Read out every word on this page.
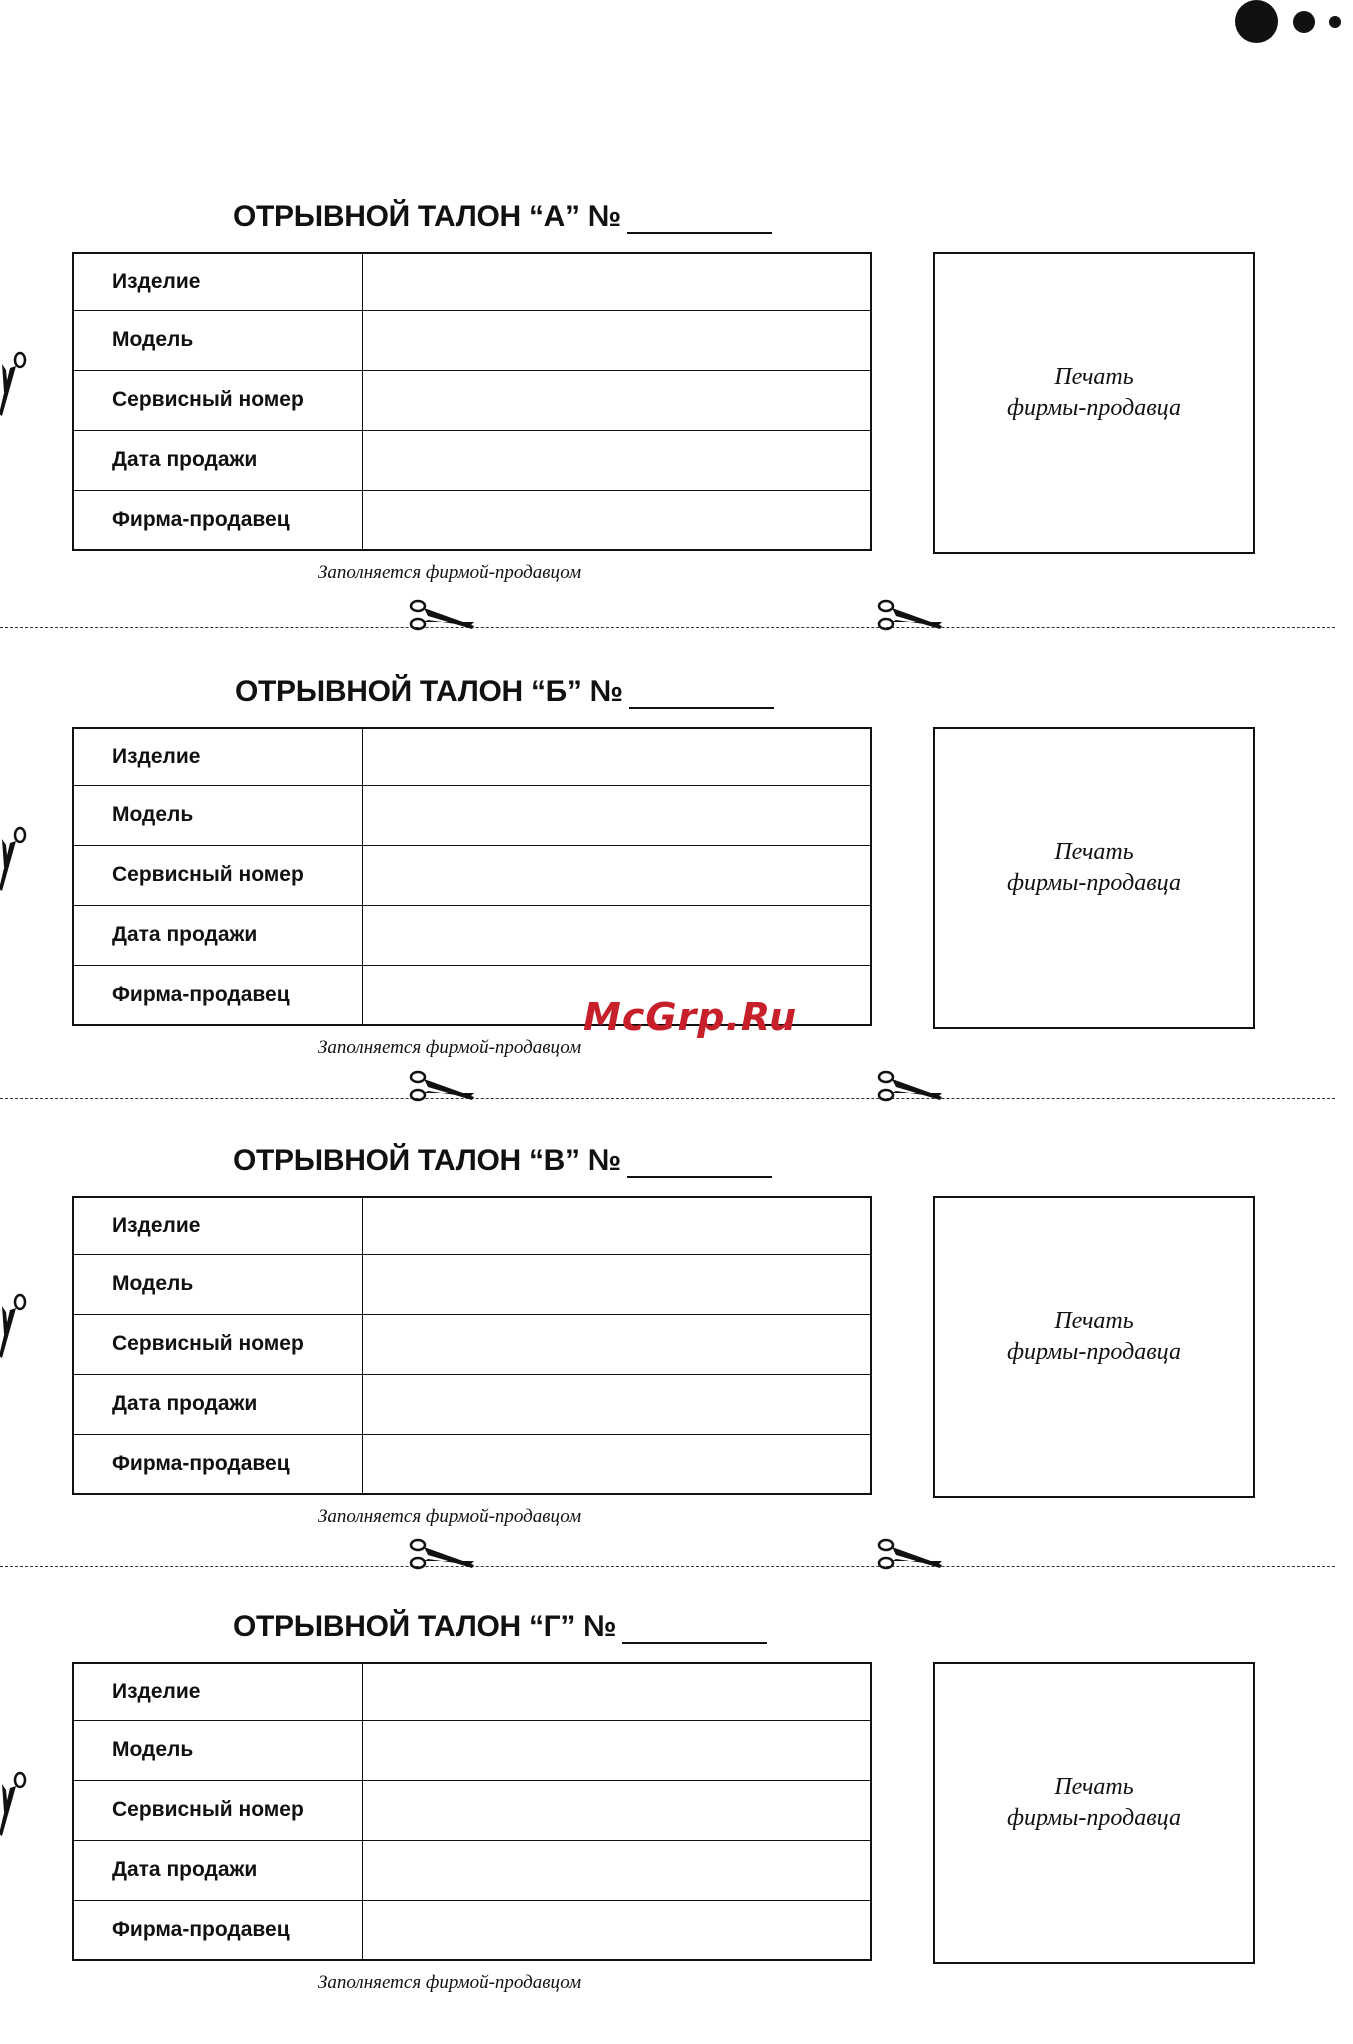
ОТРЫВНОЙ ТАЛОН “А” №
Изделие	
Модель	
Сервисный номер	
Дата продажи	
Фирма-продавец	
Печать
фирмы-продавца
Заполняется фирмой-продавцом
ОТРЫВНОЙ ТАЛОН “Б” №
Изделие	
Модель	
Сервисный номер	
Дата продажи	
Фирма-продавец	
Печать
фирмы-продавца
Заполняется фирмой-продавцом
ОТРЫВНОЙ ТАЛОН “В” №
Изделие	
Модель	
Сервисный номер	
Дата продажи	
Фирма-продавец	
Печать
фирмы-продавца
Заполняется фирмой-продавцом
ОТРЫВНОЙ ТАЛОН “Г” №
Изделие	
Модель	
Сервисный номер	
Дата продажи	
Фирма-продавец	
Печать
фирмы-продавца
Заполняется фирмой-продавцом
McGrp.Ru
